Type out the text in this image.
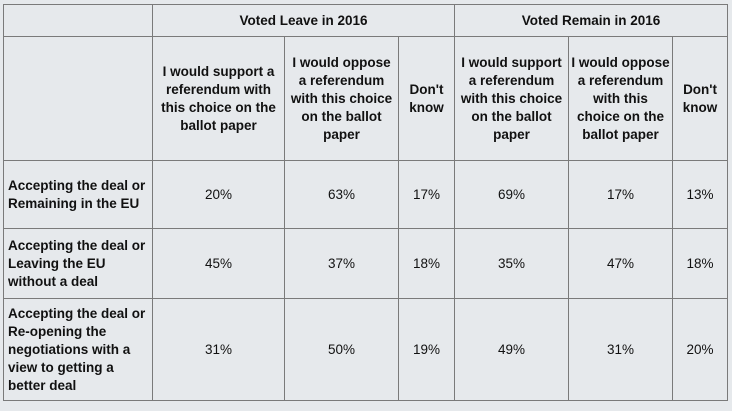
	Voted Leave in 2016			Voted Remain in 2016		
	I would support a referendum with this choice on the ballot paper	I would oppose a referendum with this choice on the ballot paper	Don't know	I would support a referendum with this choice on the ballot paper	I would oppose a referendum with this choice on the ballot paper	Don't know
Accepting the deal or Remaining in the EU	20%	63%	17%	69%	17%	13%
Accepting the deal or Leaving the EU without a deal	45%	37%	18%	35%	47%	18%
Accepting the deal or Re-opening the negotiations with a view to getting a better deal	31%	50%	19%	49%	31%	20%
